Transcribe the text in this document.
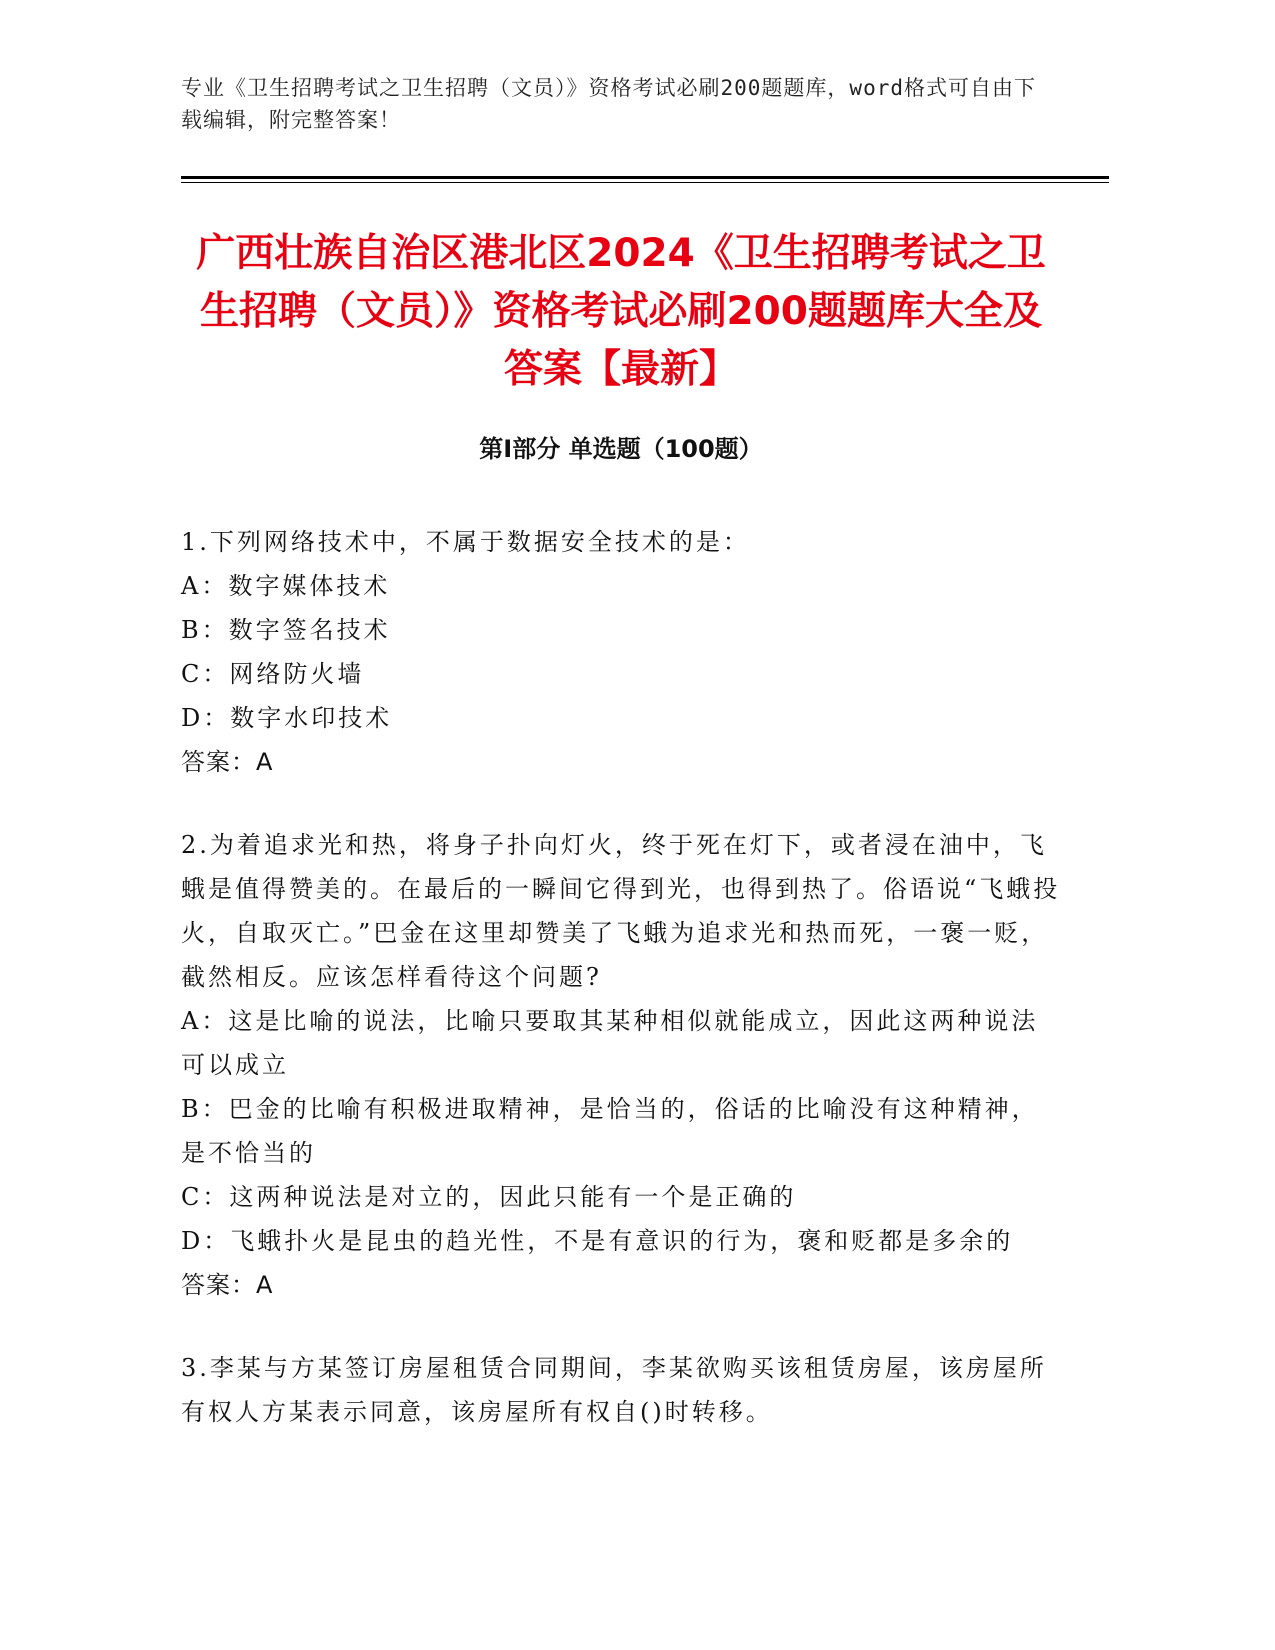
专业《卫生招聘考试之卫生招聘（文员）》资格考试必刷200题题库，word格式可自由下载编辑，附完整答案！
广西壮族自治区港北区2024《卫生招聘考试之卫生招聘（文员）》资格考试必刷200题题库大全及答案【最新】
第I部分 单选题（100题）

1.下列网络技术中，不属于数据安全技术的是：

A：数字媒体技术

B：数字签名技术

C：网络防火墙

D：数字水印技术

答案：A

2.为着追求光和热，将身子扑向灯火，终于死在灯下，或者浸在油中，飞蛾是值得赞美的。在最后的一瞬间它得到光，也得到热了。俗语说“飞蛾投火，自取灭亡。”巴金在这里却赞美了飞蛾为追求光和热而死，一褒一贬，截然相反。应该怎样看待这个问题?

A：这是比喻的说法，比喻只要取其某种相似就能成立，因此这两种说法可以成立

B：巴金的比喻有积极进取精神，是恰当的，俗话的比喻没有这种精神，是不恰当的

C：这两种说法是对立的，因此只能有一个是正确的

D：飞蛾扑火是昆虫的趋光性，不是有意识的行为，褒和贬都是多余的

答案：A

3.李某与方某签订房屋租赁合同期间，李某欲购买该租赁房屋，该房屋所有权人方某表示同意，该房屋所有权自()时转移。
